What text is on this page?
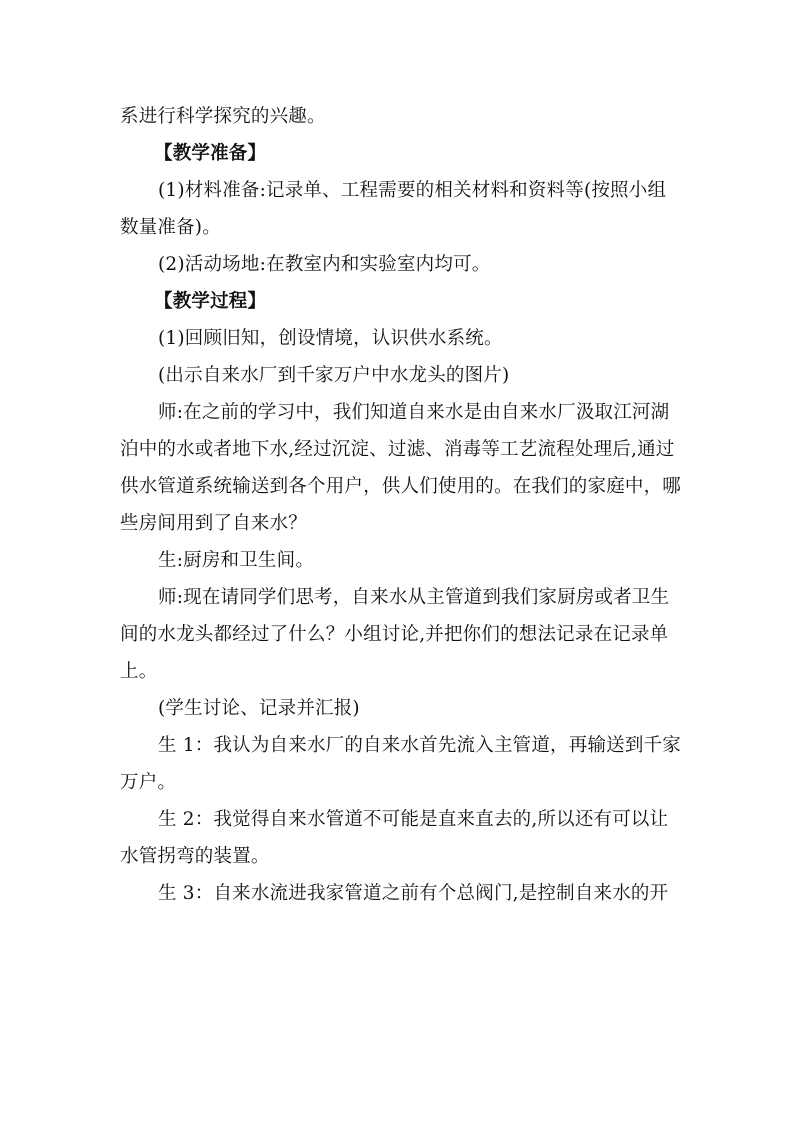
系进行科学探究的兴趣。

【教学准备】

(1)材料准备:记录单、工程需要的相关材料和资料等(按照小组

数量准备)。

(2)活动场地:在教室内和实验室内均可。

【教学过程】

(1)回顾旧知，创设情境，认识供水系统。

(出示自来水厂到千家万户中水龙头的图片)

师:在之前的学习中，我们知道自来水是由自来水厂汲取江河湖

泊中的水或者地下水,经过沉淀、过滤、消毒等工艺流程处理后,通过

供水管道系统输送到各个用户，供人们使用的。在我们的家庭中，哪

些房间用到了自来水？

生:厨房和卫生间。

师:现在请同学们思考，自来水从主管道到我们家厨房或者卫生

间的水龙头都经过了什么？小组讨论,并把你们的想法记录在记录单

上。

(学生讨论、记录并汇报)

生 1：我认为自来水厂的自来水首先流入主管道，再输送到千家

万户。

生 2：我觉得自来水管道不可能是直来直去的,所以还有可以让

水管拐弯的装置。

生 3：自来水流进我家管道之前有个总阀门,是控制自来水的开
